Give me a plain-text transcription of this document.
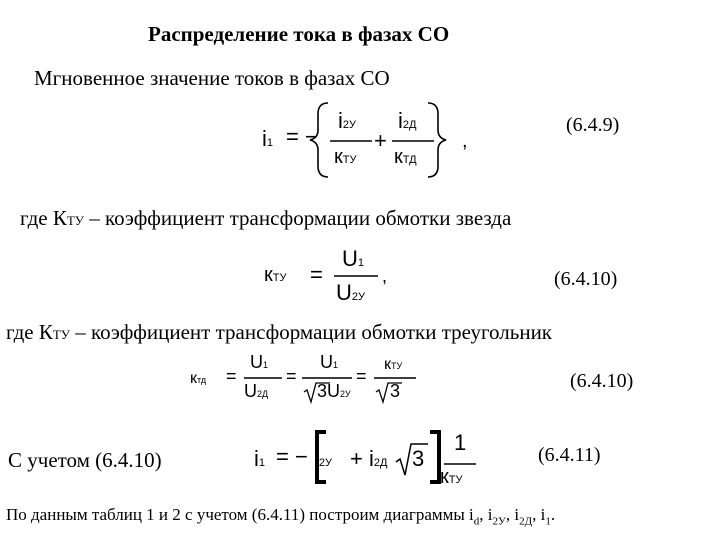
Распределение тока в фазах СО
Мгновенное значение токов в фазах СО
i1 = −
i2У
кТУ
+
i2Д
кТД
,
(6.4.9)
где КТУ – коэффициент трансформации обмотки звезда
кТУ =
U1
U2У
,	(6.4.10)
где КТУ – коэффициент трансформации обмотки треугольник
ктд =
U1
U2Д
=
U1
3U2У
=
кТУ
3	(6.4.10)
С учетом (6.4.10)	i1 = − i2У + i2Д 3
1
кТУ
(6.4.11)
По данным таблиц 1 и 2 с учетом (6.4.11) построим диаграммы $i_d$, $i_{2У}$, $i_{2Д}$, $i_1$.
